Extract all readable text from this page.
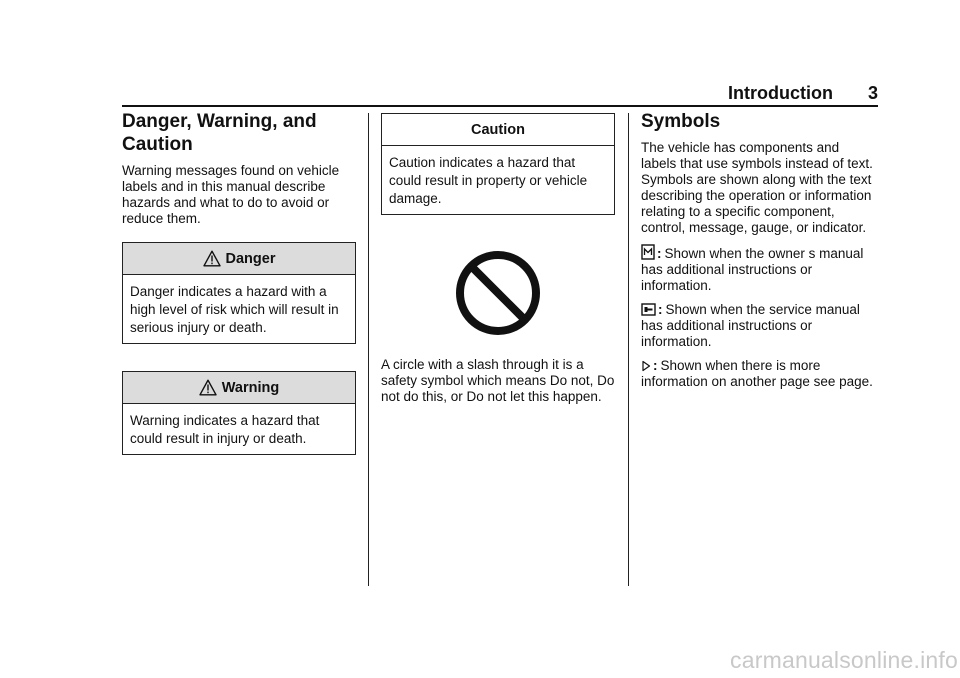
Introduction 3
Danger, Warning, and Caution

Warning messages found on vehicle labels and in this manual describe hazards and what to do to avoid or reduce them.

Danger
Danger indicates a hazard with a high level of risk which will result in serious injury or death.
Warning
Warning indicates a hazard that could result in injury or death.
Caution
Caution indicates a hazard that could result in property or vehicle damage.

A circle with a slash through it is a safety symbol which means Do not, Do not do this, or Do not let this happen.

Symbols

The vehicle has components and labels that use symbols instead of text. Symbols are shown along with the text describing the operation or information relating to a specific component, control, message, gauge, or indicator.

: Shown when the owner s manual has additional instructions or information.

: Shown when the service manual has additional instructions or information.

: Shown when there is more information on another page see page.

carmanualsonline.info
